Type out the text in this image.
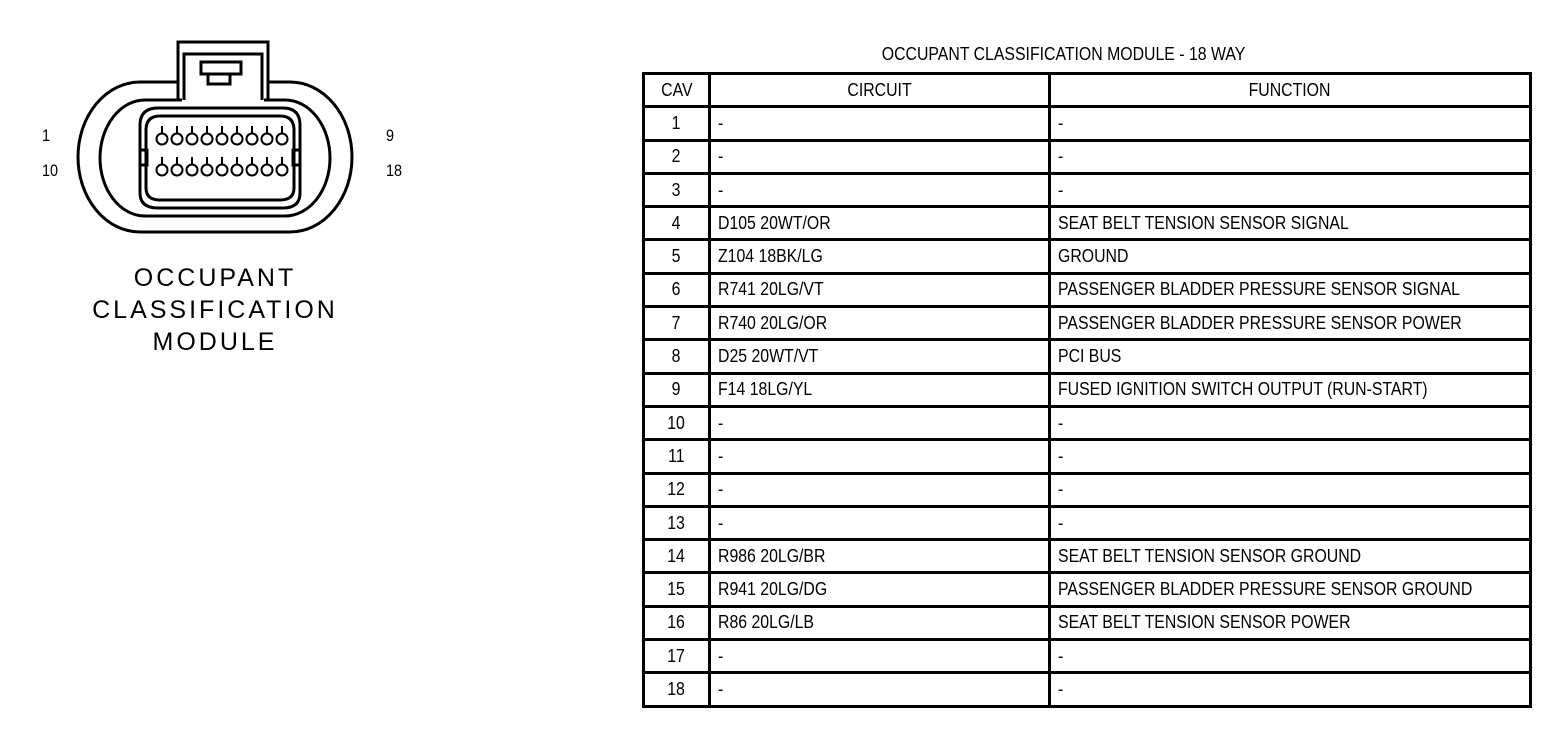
1
10
9
18
OCCUPANT
CLASSIFICATION
MODULE
OCCUPANT CLASSIFICATION MODULE - 18 WAY
CAV	CIRCUIT	FUNCTION
1	-	-
2	-	-
3	-	-
4	D105 20WT/OR	SEAT BELT TENSION SENSOR SIGNAL
5	Z104 18BK/LG	GROUND
6	R741 20LG/VT	PASSENGER BLADDER PRESSURE SENSOR SIGNAL
7	R740 20LG/OR	PASSENGER BLADDER PRESSURE SENSOR POWER
8	D25 20WT/VT	PCI BUS
9	F14 18LG/YL	FUSED IGNITION SWITCH OUTPUT (RUN-START)
10	-	-
11	-	-
12	-	-
13	-	-
14	R986 20LG/BR	SEAT BELT TENSION SENSOR GROUND
15	R941 20LG/DG	PASSENGER BLADDER PRESSURE SENSOR GROUND
16	R86 20LG/LB	SEAT BELT TENSION SENSOR POWER
17	-	-
18	-	-
